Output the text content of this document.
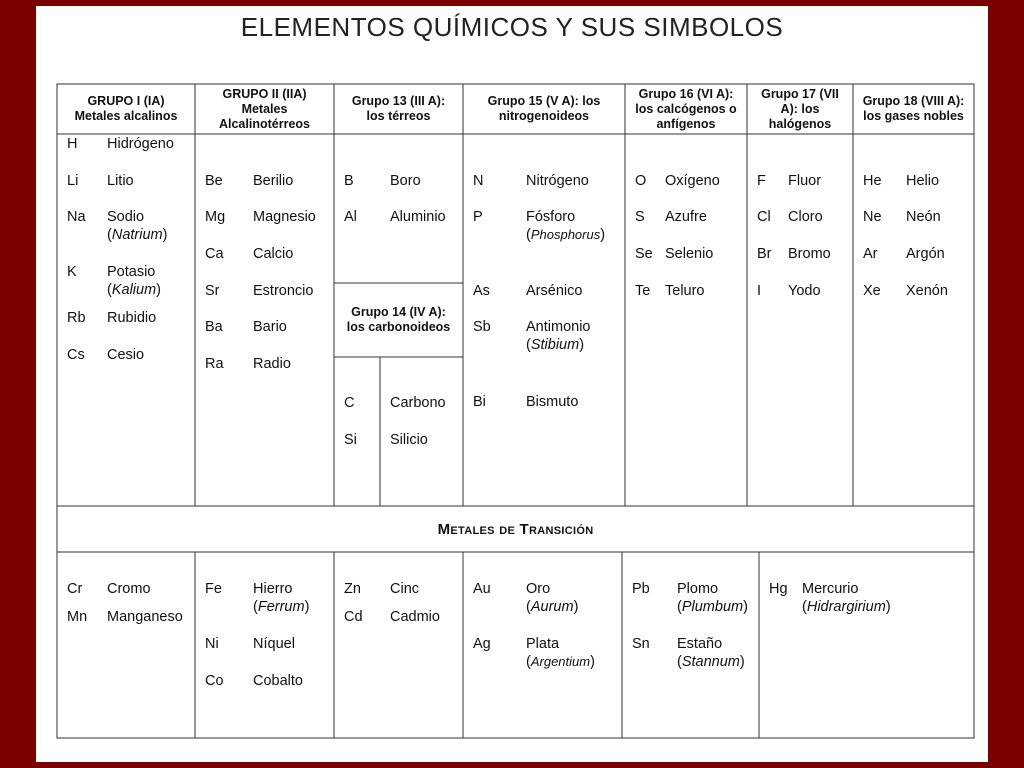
ELEMENTOS QUÍMICOS Y SUS SIMBOLOS
GRUPO I (IA)
Metales alcalinos
GRUPO II (IIA)
Metales Alcalinotérreos
Grupo 13 (III A):
los térreos
Grupo 15 (V A): los
nitrogenoideos
Grupo 16 (VI A):
los calcógenos o anfígenos
Grupo 17 (VII
A): los halógenos
Grupo 18 (VIII A):
los gases nobles
Grupo 14 (IV A):
los carbonoideos
Metales de Transición
H Hidrógeno
Li Litio
Na Sodio
(Natrium)
K Potasio
(Kalium)
Rb Rubidio
Cs Cesio
Be Berilio
Mg Magnesio
Ca Calcio
Sr Estroncio
Ba Bario
Ra Radio
B	Boro
Al Aluminio
C Carbono
Si Silicio
N	Nitrógeno
P	Fósforo
(Phosphorus)
As Arsénico
Sb Antimonio
(Stibium)
Bi	Bismuto
O Oxígeno
S Azufre
Se Selenio
Te Teluro
F Fluor
Cl Cloro
Br Bromo
I Yodo
He Helio
Ne Neón
Ar Argón
Xe Xenón
Cr Cromo
Mn Manganeso
Fe Hierro
(Ferrum)
Ni Níquel
Co Cobalto
Zn Cinc
Cd Cadmio
Au Oro
(Aurum)
Ag Plata
(Argentium)
Pb Plomo
(Plumbum)
Sn Estaño
(Stannum)
Hg Mercurio
(Hidrargirium)
